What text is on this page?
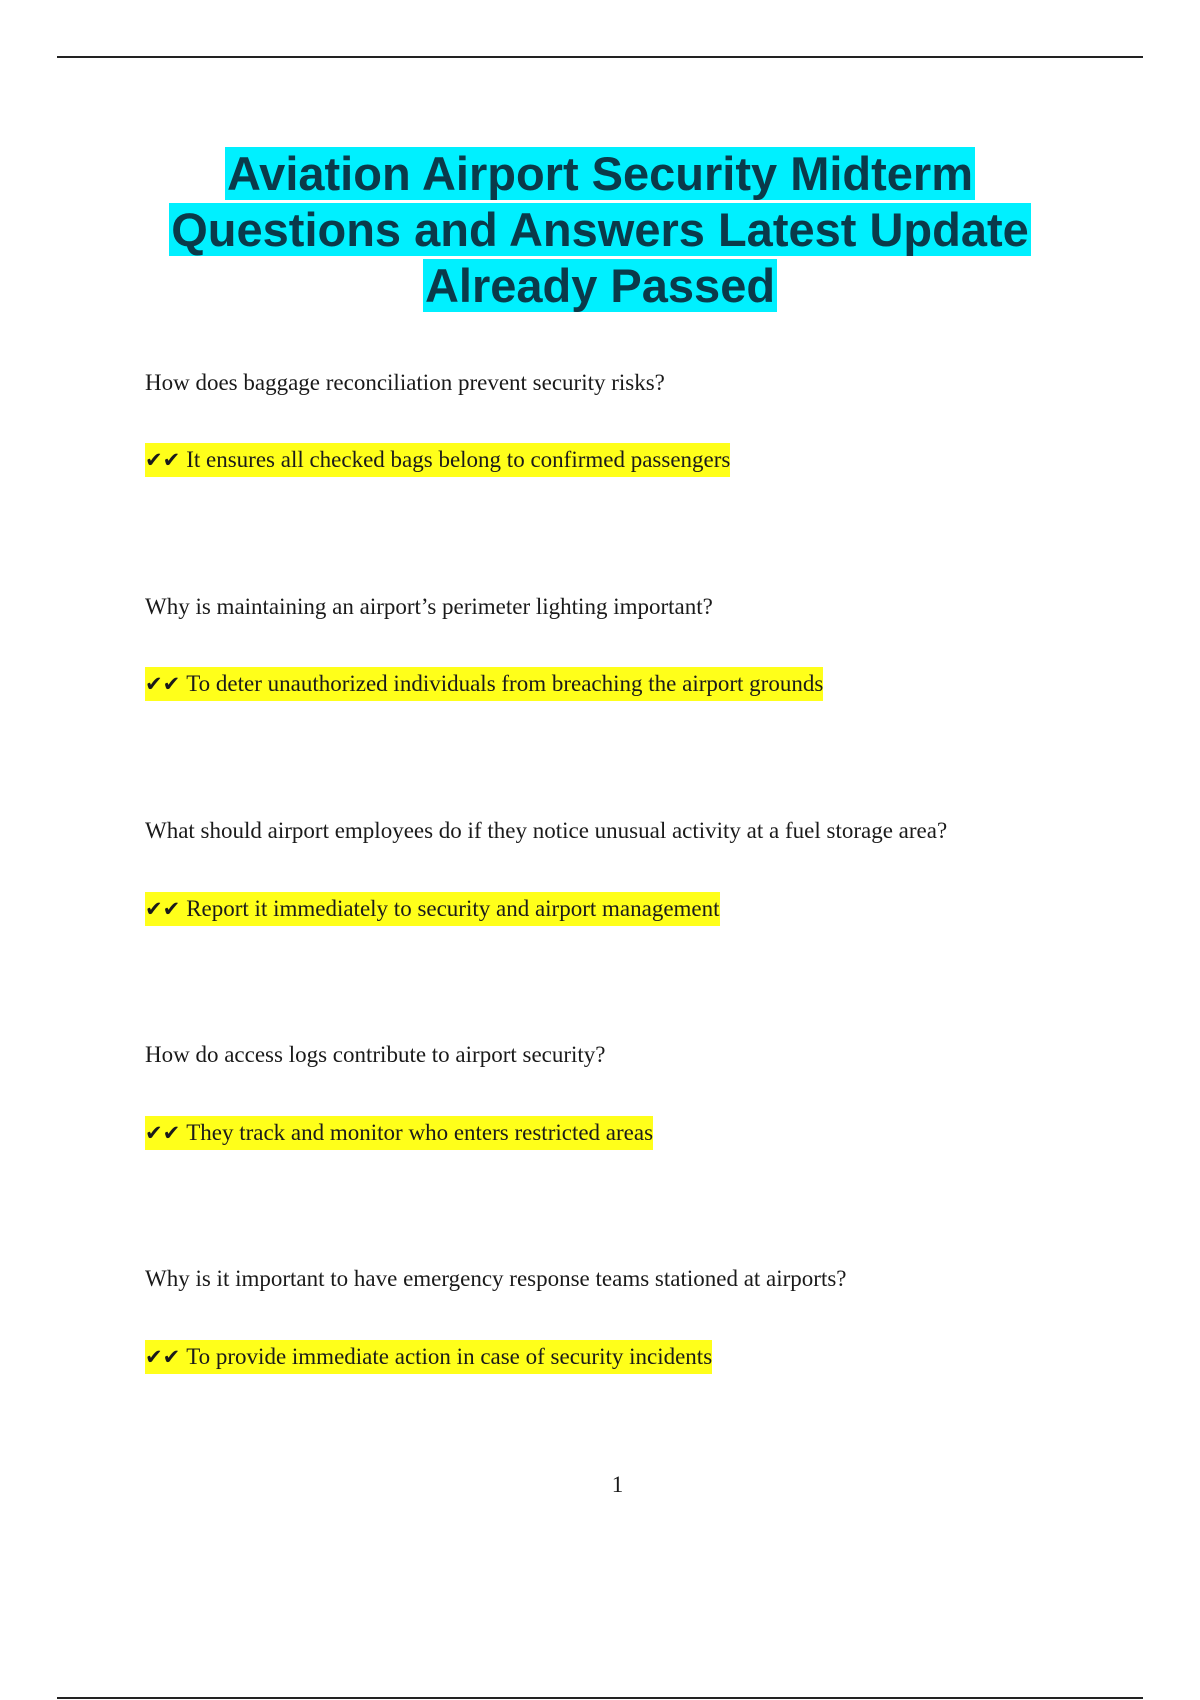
Aviation Airport Security Midterm
Questions and Answers Latest Update
Already Passed

How does baggage reconciliation prevent security risks?

✔✔ It ensures all checked bags belong to confirmed passengers

Why is maintaining an airport’s perimeter lighting important?

✔✔ To deter unauthorized individuals from breaching the airport grounds

What should airport employees do if they notice unusual activity at a fuel storage area?

✔✔ Report it immediately to security and airport management

How do access logs contribute to airport security?

✔✔ They track and monitor who enters restricted areas

Why is it important to have emergency response teams stationed at airports?

✔✔ To provide immediate action in case of security incidents

1
